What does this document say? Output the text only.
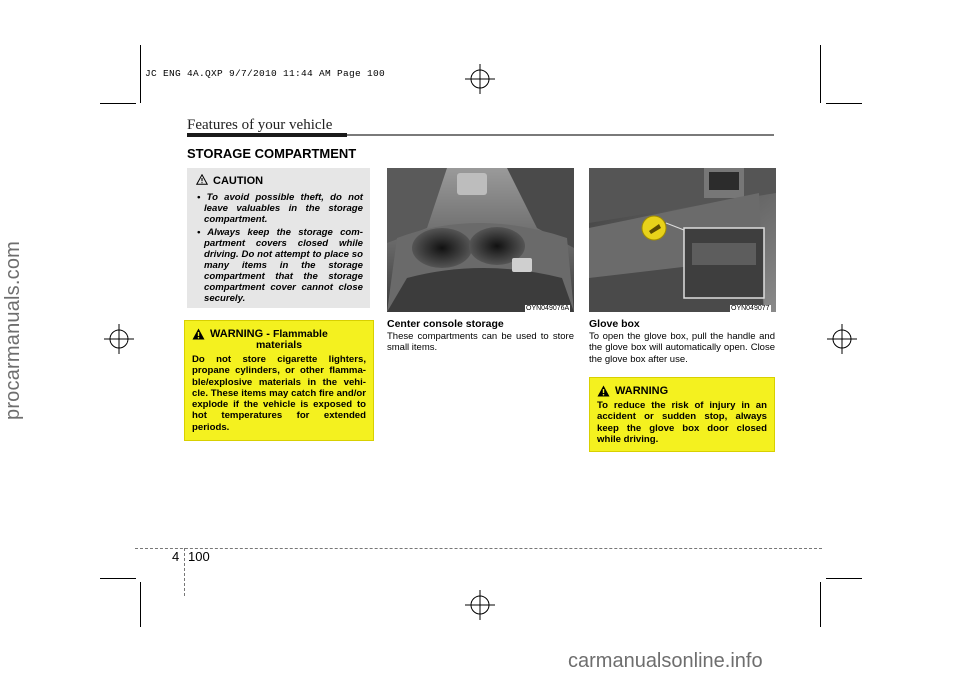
JC ENG 4A.QXP 9/7/2010 11:44 AM Page 100
procarmanuals.com
carmanualsonline.info
Features of your vehicle
STORAGE COMPARTMENT
CAUTION
• To avoid possible theft, do not leave valuables in the storage compartment.
• Always keep the storage com-partment covers closed while driving. Do not attempt to place so many items in the storage compartment that the storage compartment cover cannot close securely.
WARNING -
Flammable
materials
Do not store cigarette lighters, propane cylinders, or other flamma-ble/explosive materials in the vehi-cle. These items may catch fire and/or explode if the vehicle is exposed to hot temperatures for extended periods.
OYN049076A	OYN049077
Center console storage
These compartments can be used to store small items.
Glove box
To open the glove box, pull the handle and the glove box will automatically open. Close the glove box after use.
WARNING
To reduce the risk of injury in an accident or sudden stop, always keep the glove box door closed while driving.
4 100
